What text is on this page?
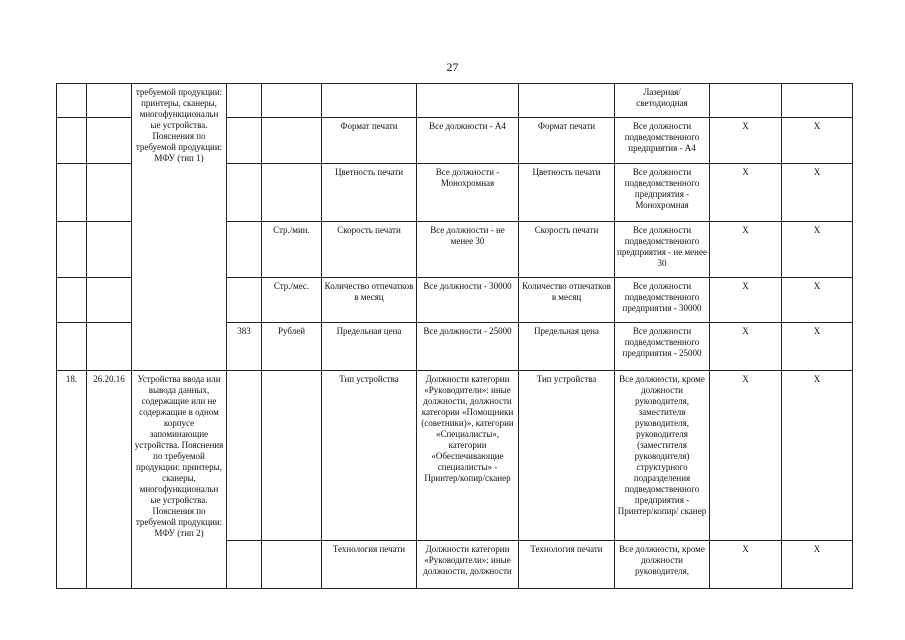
27
		требуемой продукции: принтеры, сканеры, многофункциональн ые устройства. Пояснения по требуемой продукции: МФУ (тип 1)						Лазерная/ светодиодная		
					Формат печати	Все должности - А4	Формат печати	Все должности подведомственного предприятия - А4	X	X
					Цветность печати	Все должности - Монохромная	Цветность печати	Все должности подведомственного предприятия - Монохромная	X	X
				Стр./мин.	Скорость печати	Все должности - не менее 30	Скорость печати	Все должности подведомственного предприятия - не менее 30	X	X
				Стр./мес.	Количество отпечатков в месяц	Все должности - 30000	Количество отпечатков в месяц	Все должности подведомственного предприятия - 30000	X	X
			383	Рублей	Предельная цена	Все должности - 25000	Предельная цена	Все должности подведомственного предприятия - 25000	X	X
18.	26.20.16	Устройства ввода или вывода данных, содержащие или не содержащие в одном корпусе запоминающие устройства. Пояснения по требуемой продукции: принтеры, сканеры, многофункциональн ые устройства. Пояснения по требуемой продукции: МФУ (тип 2)			Тип устройства	Должности категории «Руководители»: иные должности, должности категории «Помощники (советники)», категории «Специалисты», категории «Обеспечивающие специалисты» - Принтер/копир/сканер	Тип устройства	Все должности, кроме должности руководителя, заместителя руководителя, руководителя (заместителя руководителя) структурного подразделения подведомственного предприятия - Принтер/копир/ сканер	X	X
					Технология печати	Должности категории «Руководители»: иные должности, должности	Технология печати	Все должности, кроме должности руководителя,	X	X
